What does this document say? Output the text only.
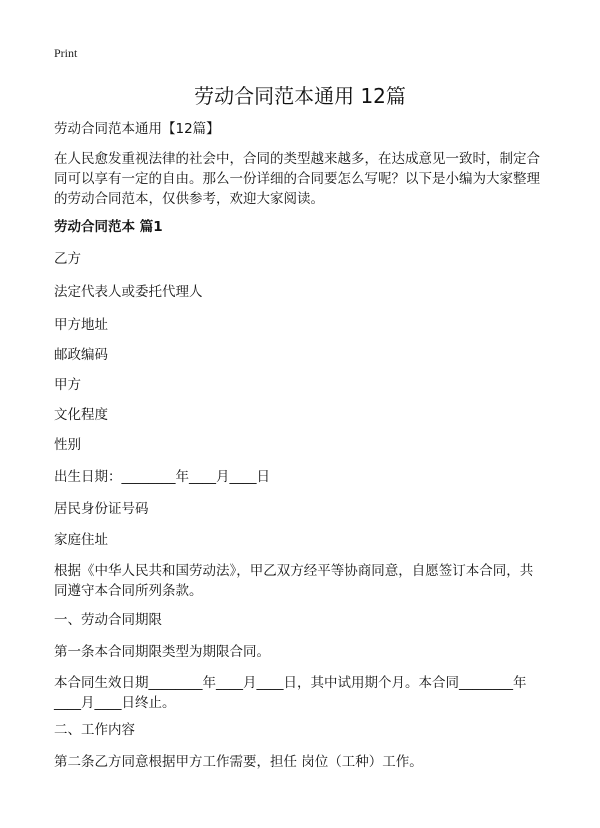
Print
劳动合同范本通用 12篇

劳动合同范本通用【12篇】

在人民愈发重视法律的社会中，合同的类型越来越多，在达成意见一致时，制定合

同可以享有一定的自由。那么一份详细的合同要怎么写呢？以下是小编为大家整理

的劳动合同范本，仅供参考，欢迎大家阅读。

劳动合同范本 篇1

乙方

法定代表人或委托代理人

甲方地址

邮政编码

甲方

文化程度

性别

出生日期：________年____月____日

居民身份证号码

家庭住址

根据《中华人民共和国劳动法》，甲乙双方经平等协商同意，自愿签订本合同，共

同遵守本合同所列条款。

一、劳动合同期限

第一条本合同期限类型为期限合同。

本合同生效日期________年____月____日，其中试用期个月。本合同________年

____月____日终止。

二、工作内容

第二条乙方同意根据甲方工作需要，担任 岗位（工种）工作。
